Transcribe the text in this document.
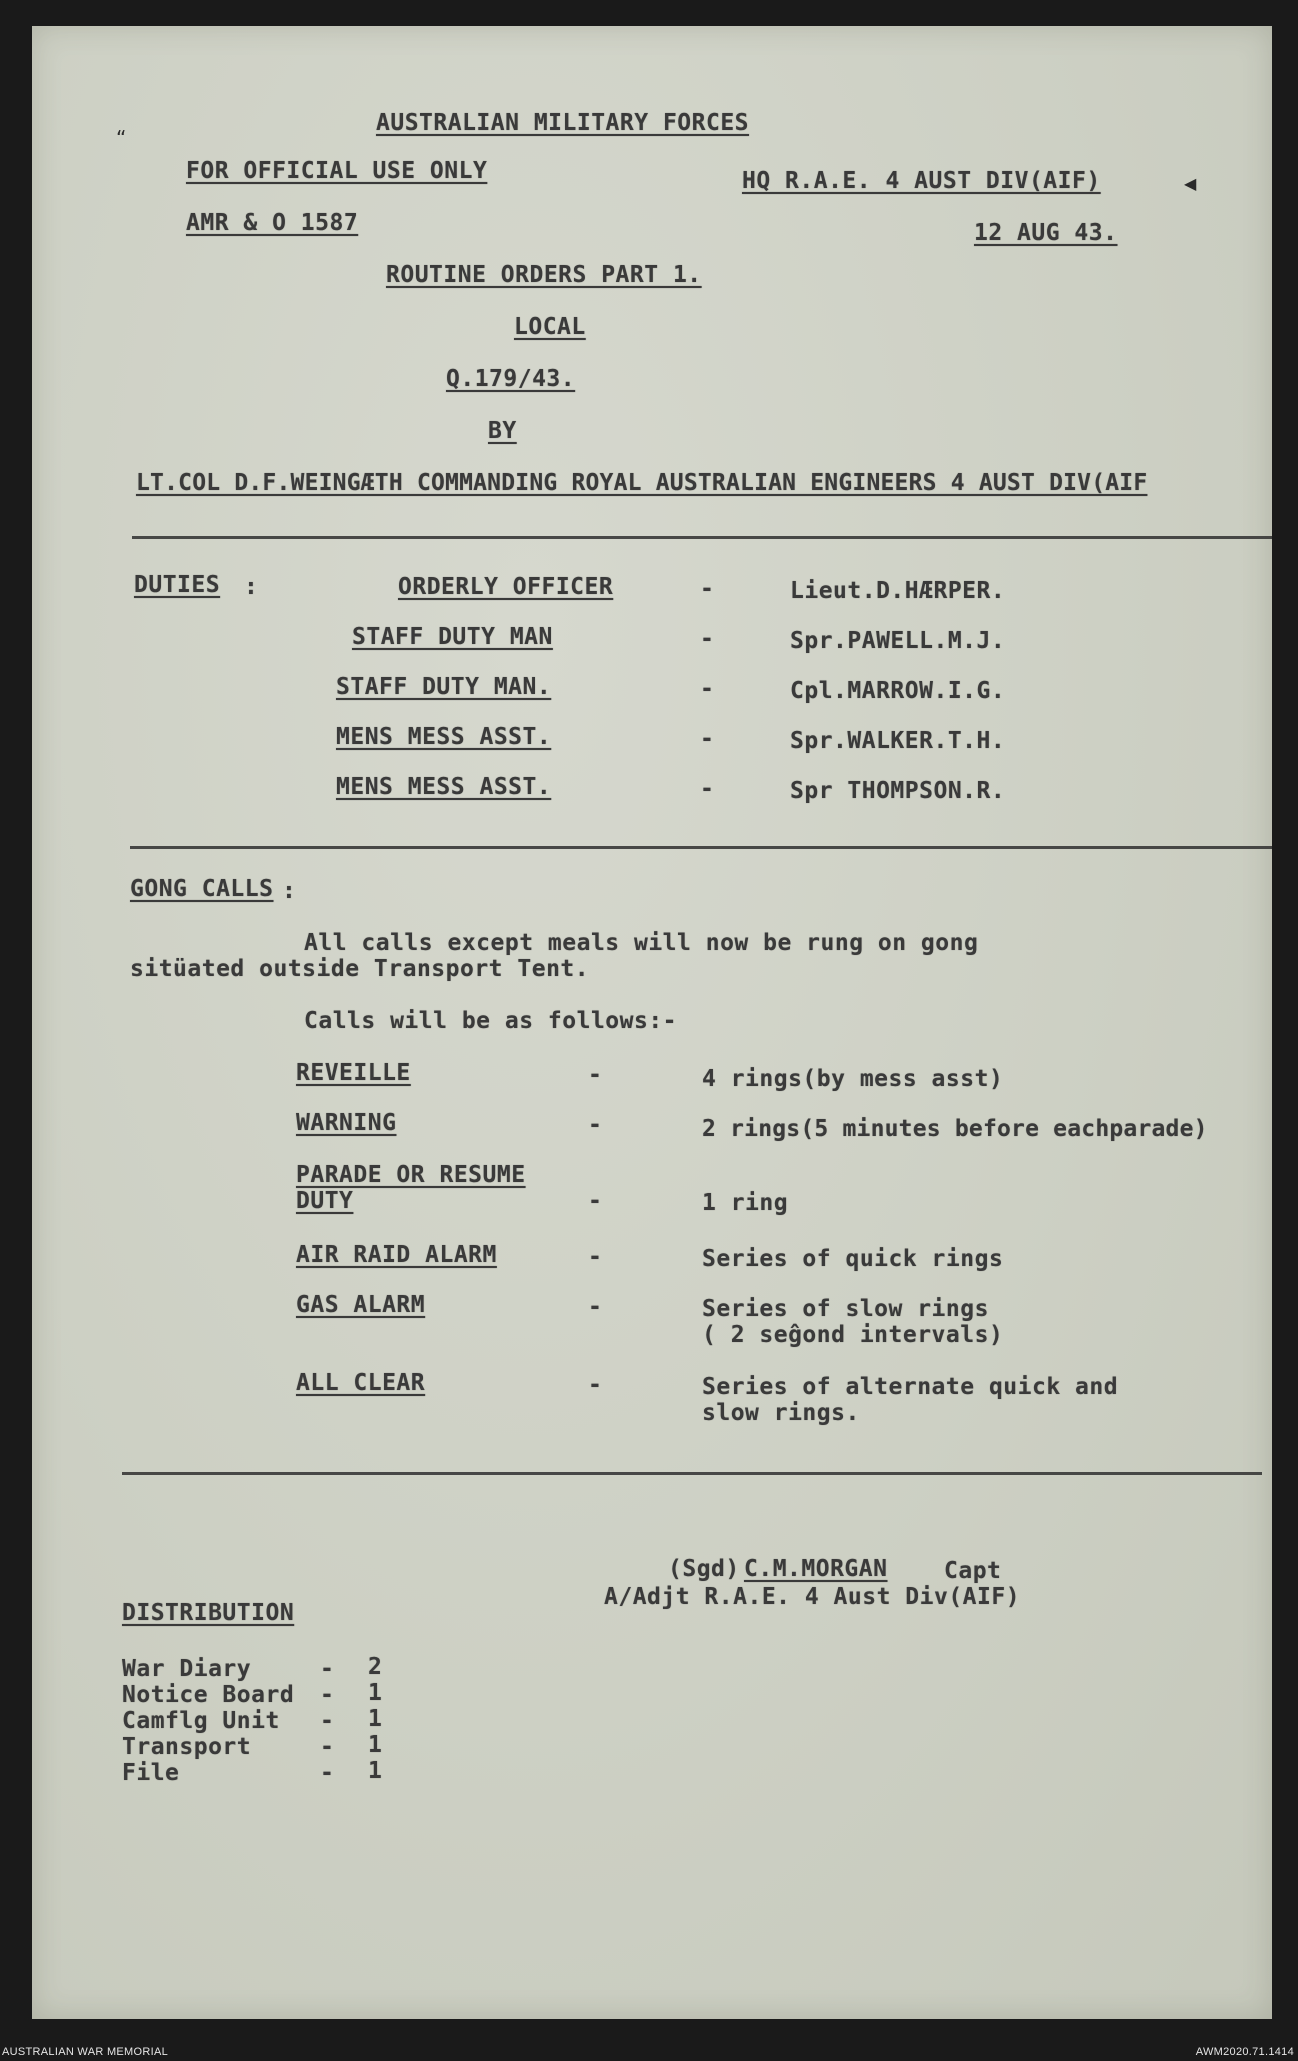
“
◀
AUSTRALIAN MILITARY FORCES
FOR OFFICIAL USE ONLY	HQ R.A.E. 4 AUST DIV(AIF)
AMR & O 1587	12 AUG 43.
ROUTINE ORDERS PART 1.
LOCAL
Q.179/43.
BY
LT.COL D.F.WEINGÆTH COMMANDING ROYAL AUSTRALIAN ENGINEERS 4 AUST DIV(AIF
DUTIES :	ORDERLY OFFICER	-	Lieut.D.HÆRPER.
STAFF DUTY MAN	-	Spr.PAWELL.M.J.
STAFF DUTY MAN.	-	Cpl.MARROW.I.G.
MENS MESS ASST.	-	Spr.WALKER.T.H.
MENS MESS ASST.	-	Spr THOMPSON.R.
GONG CALLS :
All calls except meals will now be rung on gong
sitüated outside Transport Tent.
Calls will be as follows:-
REVEILLE	-	4 rings(by mess asst)
WARNING	-	2 rings(5 minutes before eachparade)
PARADE OR RESUME
DUTY	-	1 ring
AIR RAID ALARM	-	Series of quick rings
GAS ALARM	-	Series of slow rings
( 2 seĝond intervals)
ALL CLEAR	-	Series of alternate quick and
slow rings.
(Sgd) C.M.MORGAN Capt
A/Adjt R.A.E. 4 Aust Div(AIF)
DISTRIBUTION
War Diary	- 2
Notice Board - 1
Camflg Unit - 1
Transport	- 1
File	- 1
AUSTRALIAN WAR MEMORIAL	AWM2020.71.1414
